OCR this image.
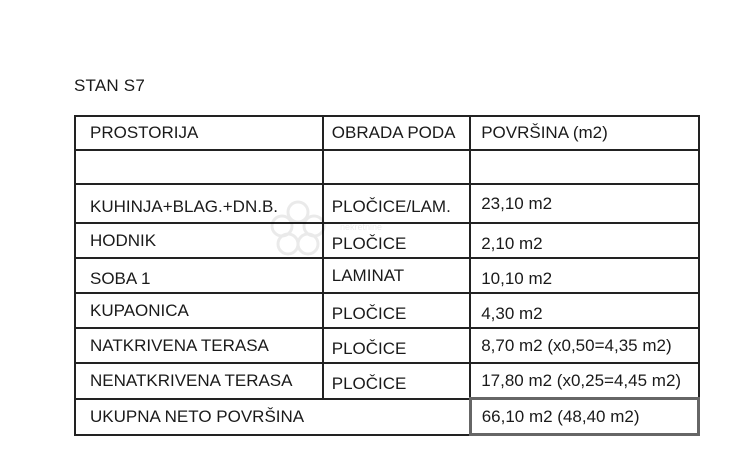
STAN S7
PROSTORIJA	OBRADA PODA	POVRŠINA (m2)

KUHINJA+BLAG.+DN.B.	PLOČICE/LAM.	23,10 m2
HODNIK	PLOČICE	2,10 m2
SOBA 1	LAMINAT	10,10 m2
KUPAONICA	PLOČICE	4,30 m2
NATKRIVENA TERASA	PLOČICE	8,70 m2 (x0,50=4,35 m2)
NENATKRIVENA TERASA	PLOČICE	17,80 m2 (x0,25=4,45 m2)
UKUPNA NETO POVRŠINA		66,10 m2 (48,40 m2)
nekretnine
